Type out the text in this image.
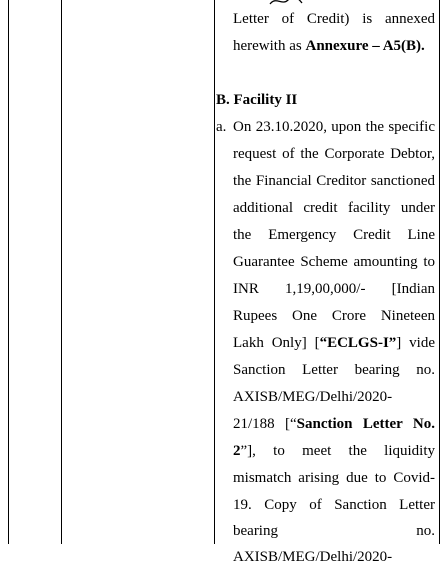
Letter of Credit) is annexed
herewith as Annexure – A5(B).
B. Facility II
a. On 23.10.2020, upon the specific
request of the Corporate Debtor,
the Financial Creditor sanctioned
additional credit facility under
the Emergency Credit Line
Guarantee Scheme amounting to
INR 1,19,00,000/- [Indian
Rupees One Crore Nineteen
Lakh Only] [“ECLGS-I”] vide
Sanction Letter bearing no.
AXISB/MEG/Delhi/2020-
21/188 [“Sanction Letter No.
2”], to meet the liquidity
mismatch arising due to Covid-
19. Copy of Sanction Letter
bearing no.
AXISB/MEG/Delhi/2020-
